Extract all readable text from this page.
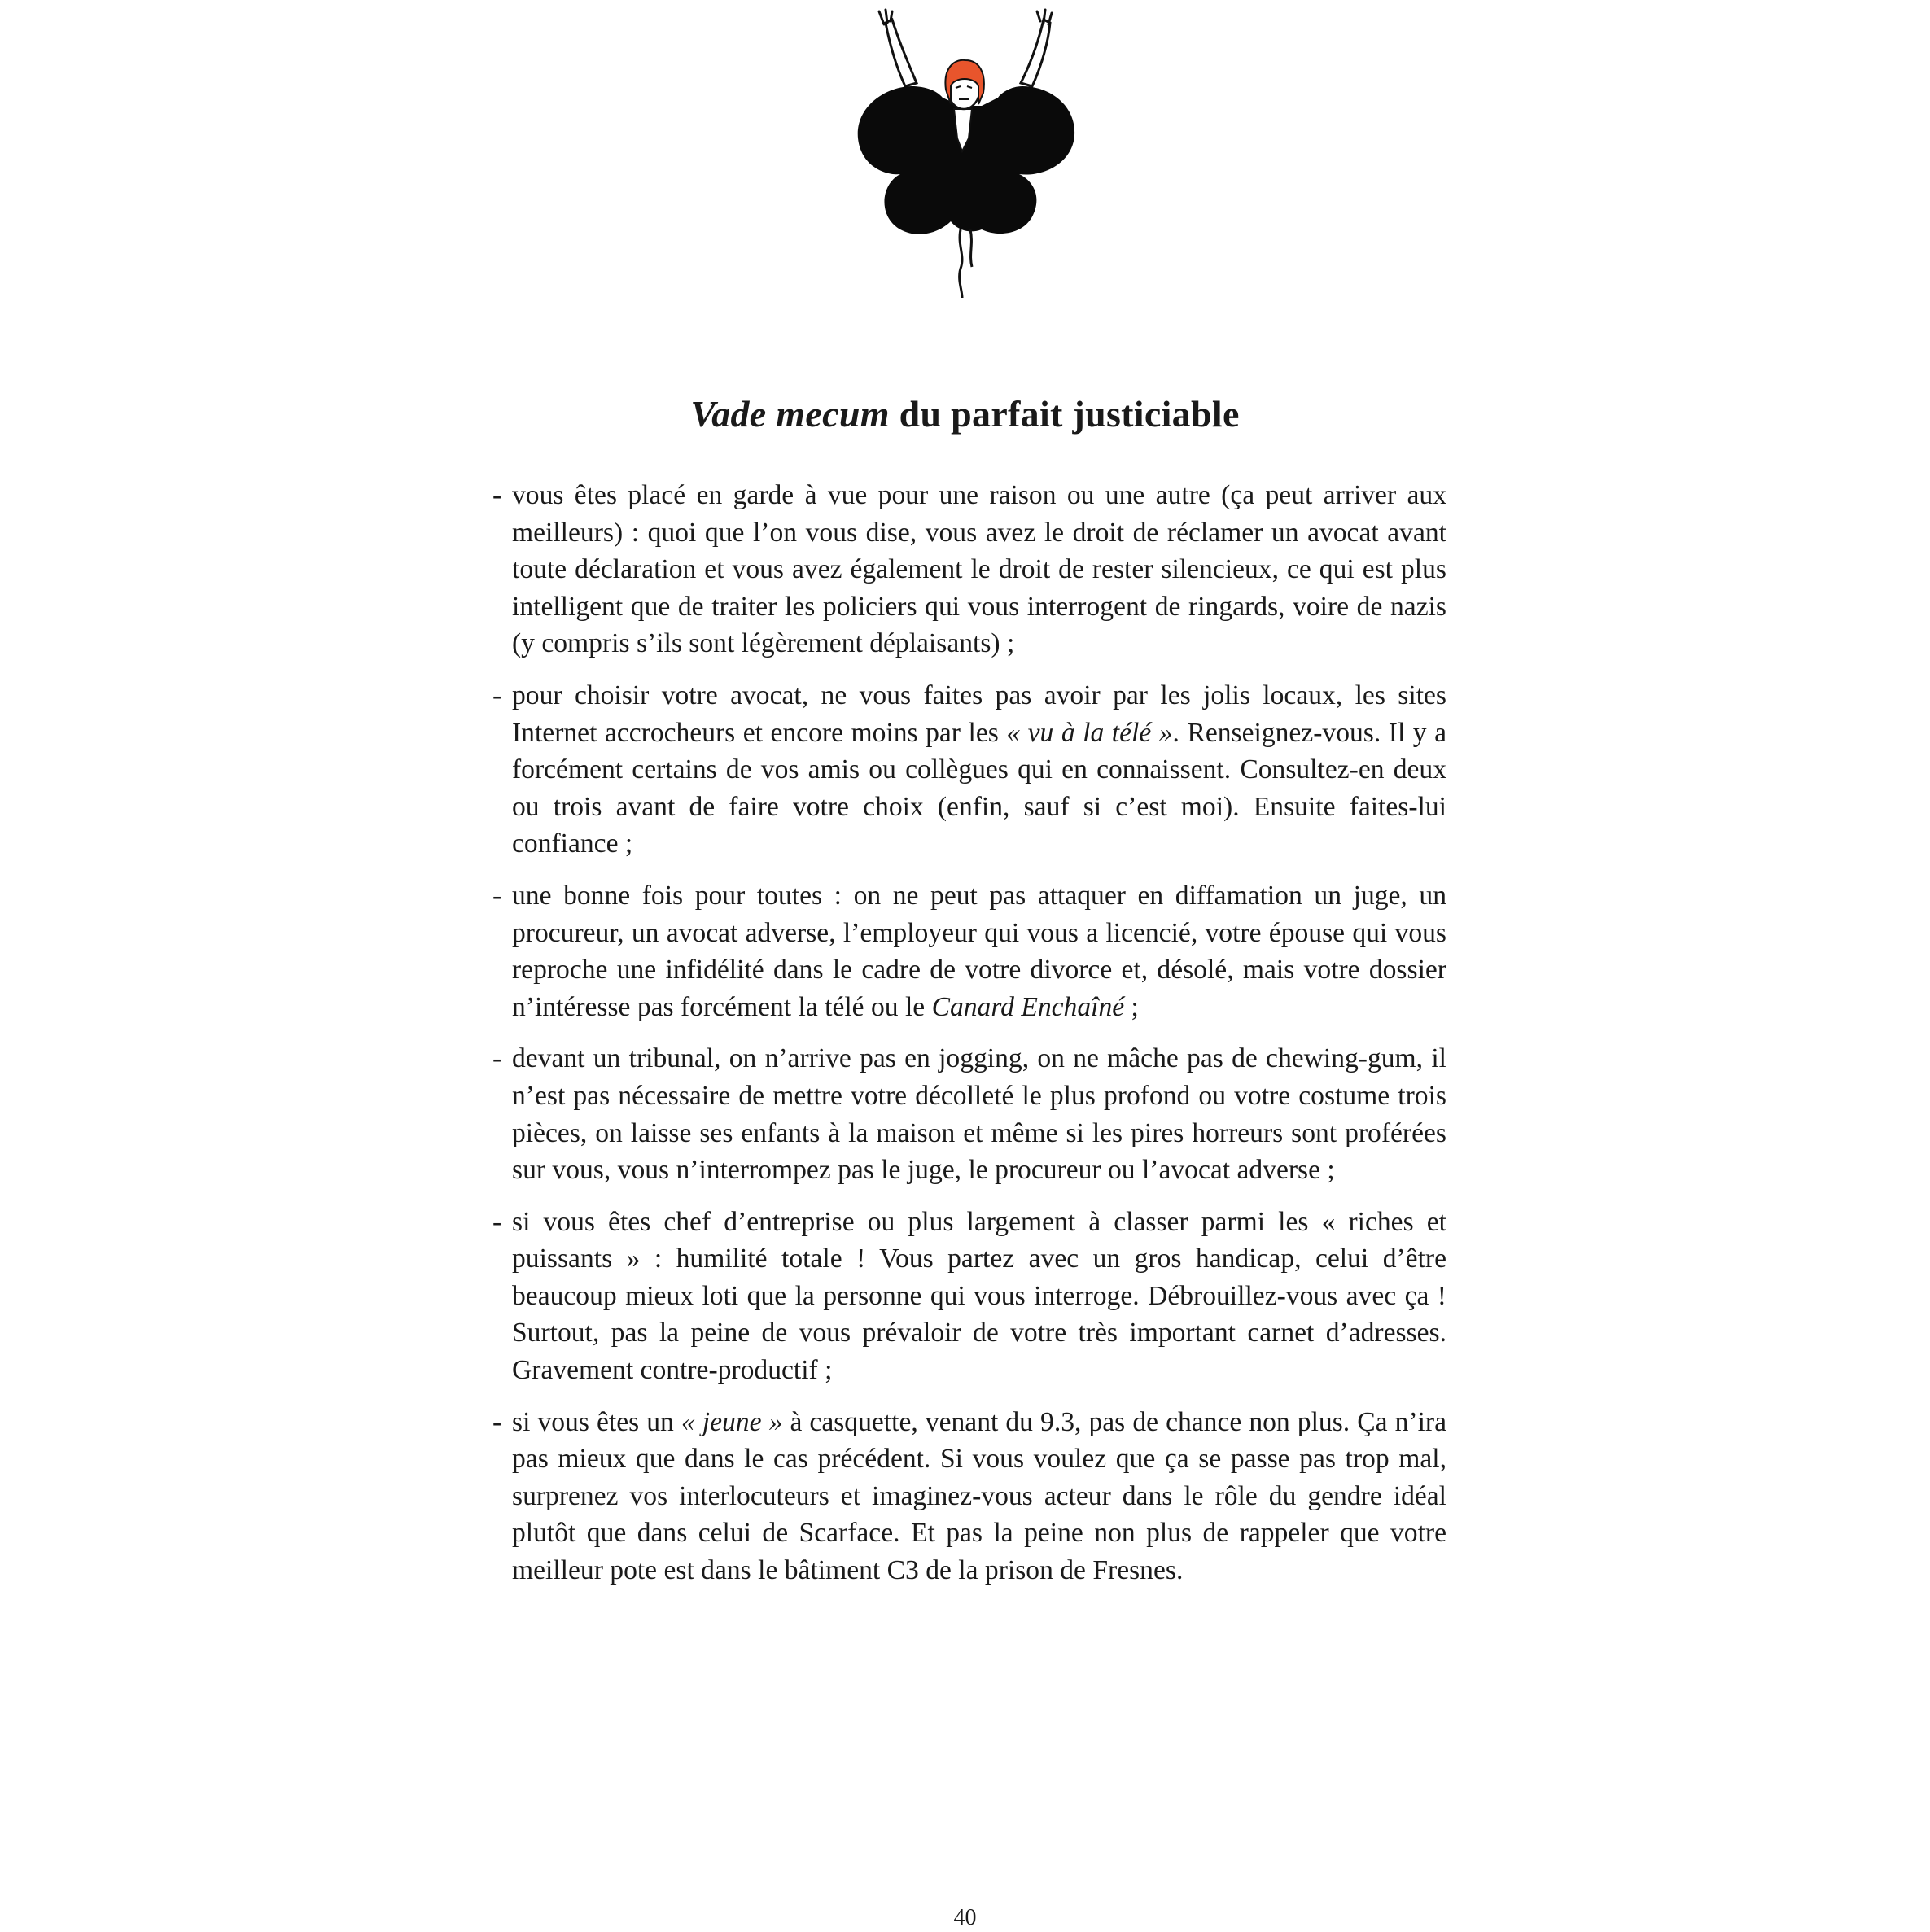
Vade mecum du parfait justiciable

- vous êtes placé en garde à vue pour une raison ou une autre (ça peut arriver aux meilleurs) : quoi que l’on vous dise, vous avez le droit de réclamer un avocat avant toute déclaration et vous avez également le droit de rester silencieux, ce qui est plus intelligent que de traiter les policiers qui vous interrogent de ringards, voire de nazis (y compris s’ils sont légèrement déplaisants) ;

- pour choisir votre avocat, ne vous faites pas avoir par les jolis locaux, les sites Internet accrocheurs et encore moins par les « vu à la télé ». Renseignez-vous. Il y a forcément certains de vos amis ou collègues qui en connaissent. Consultez-en deux ou trois avant de faire votre choix (enfin, sauf si c’est moi). Ensuite faites-lui confiance ;

- une bonne fois pour toutes : on ne peut pas attaquer en diffamation un juge, un procureur, un avocat adverse, l’employeur qui vous a licencié, votre épouse qui vous reproche une infidélité dans le cadre de votre divorce et, désolé, mais votre dossier n’intéresse pas forcément la télé ou le Canard Enchaîné ;

- devant un tribunal, on n’arrive pas en jogging, on ne mâche pas de chewing-gum, il n’est pas nécessaire de mettre votre décolleté le plus profond ou votre costume trois pièces, on laisse ses enfants à la maison et même si les pires horreurs sont proférées sur vous, vous n’interrompez pas le juge, le procureur ou l’avocat adverse ;

- si vous êtes chef d’entreprise ou plus largement à classer parmi les « riches et puissants » : humilité totale ! Vous partez avec un gros handicap, celui d’être beaucoup mieux loti que la personne qui vous interroge. Débrouillez-vous avec ça ! Surtout, pas la peine de vous prévaloir de votre très important carnet d’adresses. Gravement contre-productif ;

- si vous êtes un « jeune » à casquette, venant du 9.3, pas de chance non plus. Ça n’ira pas mieux que dans le cas précédent. Si vous voulez que ça se passe pas trop mal, surprenez vos interlocuteurs et imaginez-vous acteur dans le rôle du gendre idéal plutôt que dans celui de Scarface. Et pas la peine non plus de rappeler que votre meilleur pote est dans le bâtiment C3 de la prison de Fresnes.

40
